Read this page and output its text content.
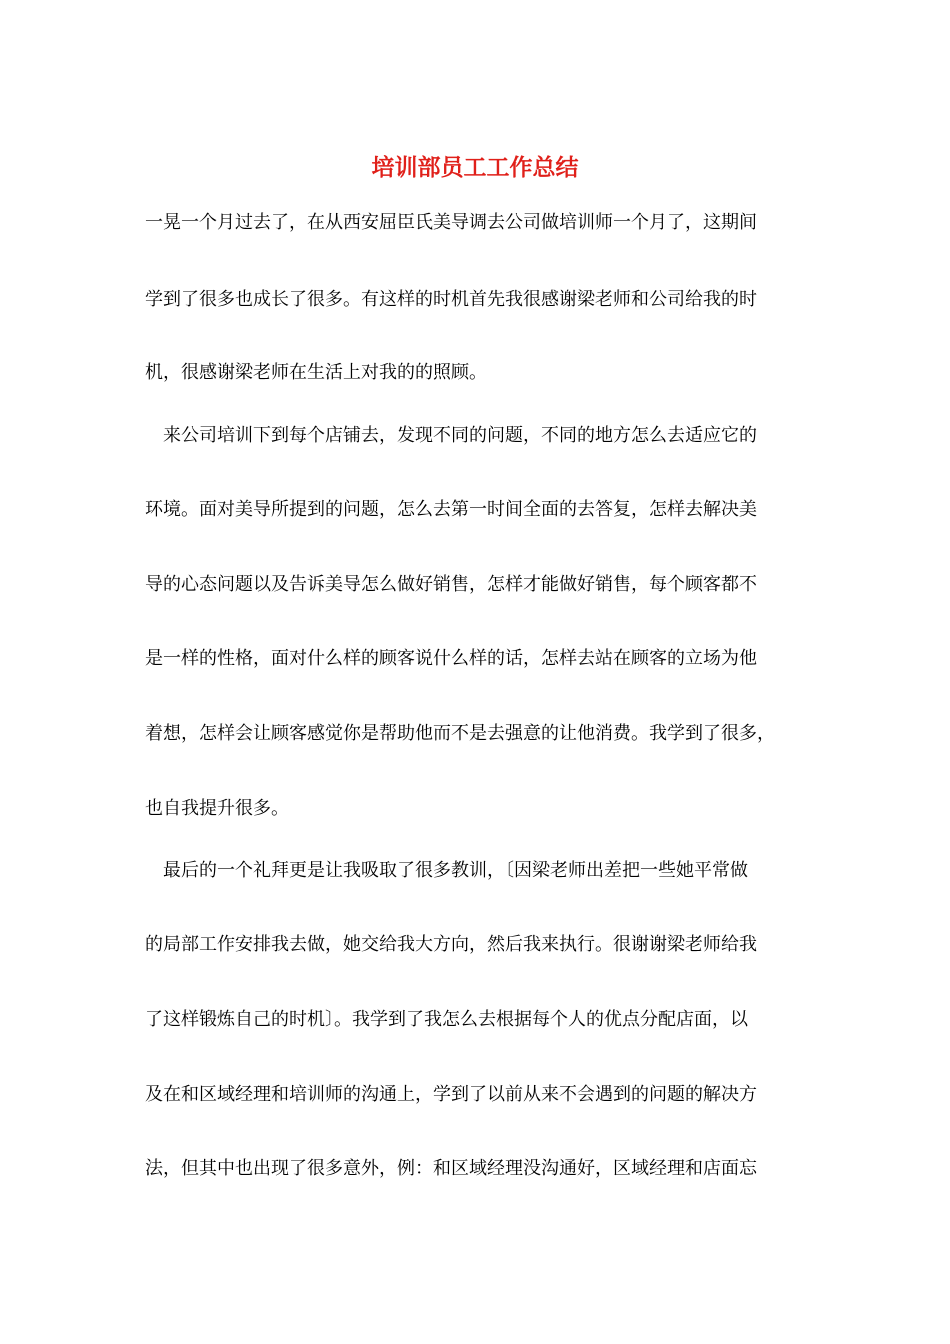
培训部员工工作总结

一晃一个月过去了，在从西安屈臣氏美导调去公司做培训师一个月了，这期间

学到了很多也成长了很多。有这样的时机首先我很感谢梁老师和公司给我的时

机，很感谢梁老师在生活上对我的的照顾。

来公司培训下到每个店铺去，发现不同的问题，不同的地方怎么去适应它的

环境。面对美导所提到的问题，怎么去第一时间全面的去答复，怎样去解决美

导的心态问题以及告诉美导怎么做好销售，怎样才能做好销售，每个顾客都不

是一样的性格，面对什么样的顾客说什么样的话，怎样去站在顾客的立场为他

着想，怎样会让顾客感觉你是帮助他而不是去强意的让他消费。我学到了很多，

也自我提升很多。

最后的一个礼拜更是让我吸取了很多教训，〔因梁老师出差把一些她平常做

的局部工作安排我去做，她交给我大方向，然后我来执行。很谢谢梁老师给我

了这样锻炼自己的时机〕。我学到了我怎么去根据每个人的优点分配店面，以

及在和区域经理和培训师的沟通上，学到了以前从来不会遇到的问题的解决方

法，但其中也出现了很多意外，例：和区域经理没沟通好，区域经理和店面忘
